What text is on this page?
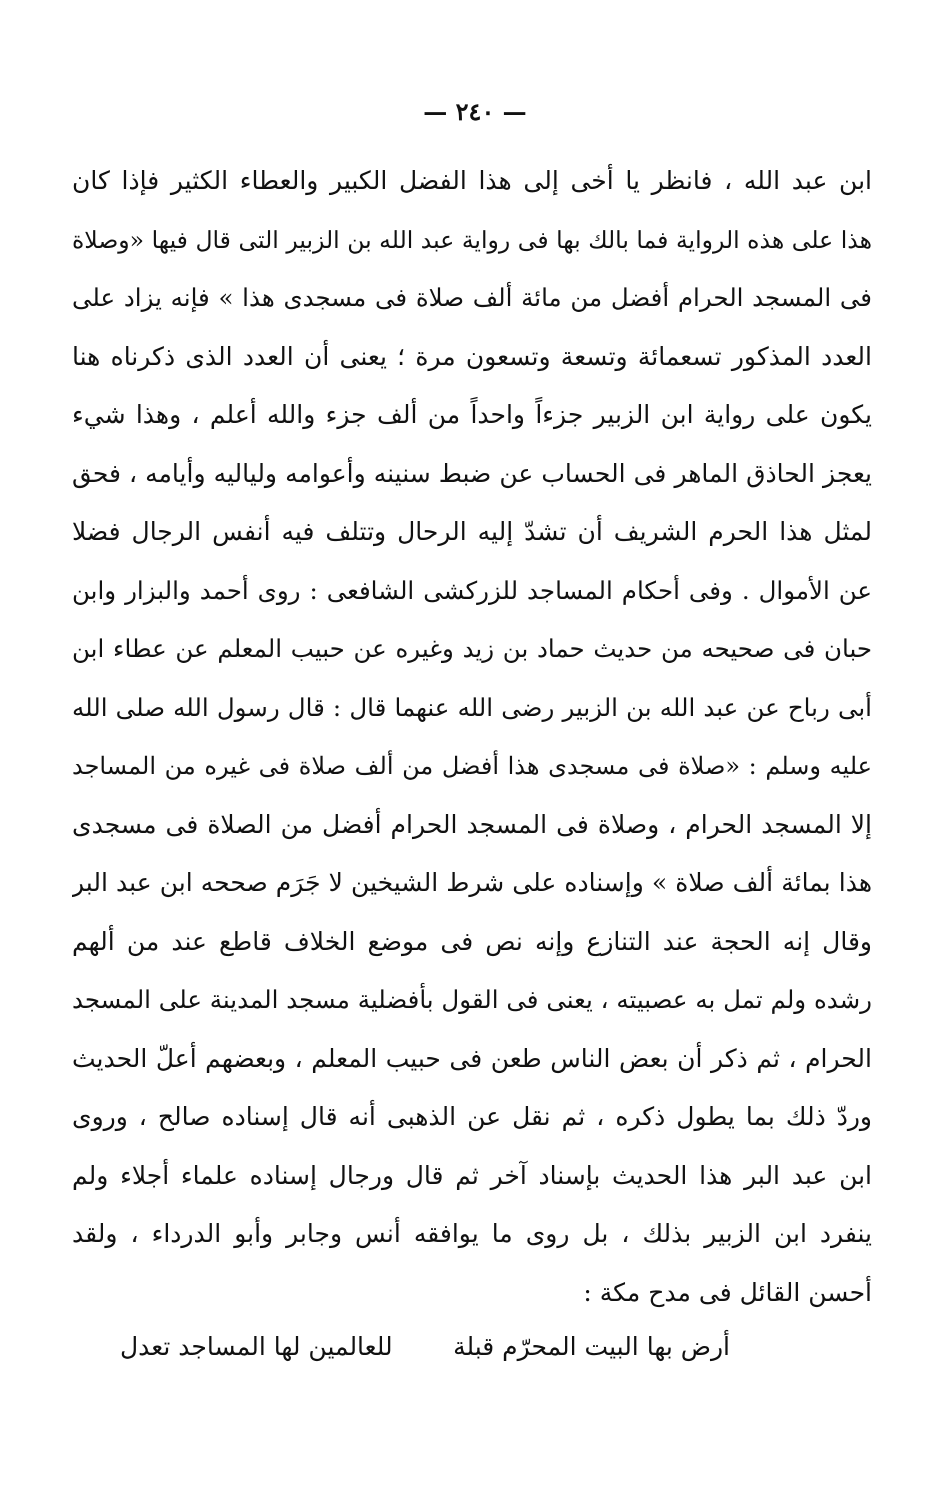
— ٢٤٠ —
ابن عبد الله ، فانظر يا أخى إلى هذا الفضل الكبير والعطاء الكثير فإذا كان
هذا على هذه الرواية فما بالك بها فى رواية عبد الله بن الزبير التى قال فيها «وصلاة
فى المسجد الحرام أفضل من مائة ألف صلاة فى مسجدى هذا » فإنه يزاد على
العدد المذكور تسعمائة وتسعة وتسعون مرة ؛ يعنى أن العدد الذى ذكرناه هنا
يكون على رواية ابن الزبير جزءاً واحداً من ألف جزء والله أعلم ، وهذا شيء
يعجز الحاذق الماهر فى الحساب عن ضبط سنينه وأعوامه ولياليه وأيامه ، فحق
لمثل هذا الحرم الشريف أن تشدّ إليه الرحال وتتلف فيه أنفس الرجال فضلا
عن الأموال . وفى أحكام المساجد للزركشى الشافعى : روى أحمد والبزار وابن
حبان فى صحيحه من حديث حماد بن زيد وغيره عن حبيب المعلم عن عطاء ابن
أبى رباح عن عبد الله بن الزبير رضى الله عنهما قال : قال رسول الله صلى الله
عليه وسلم : «صلاة فى مسجدى هذا أفضل من ألف صلاة فى غيره من المساجد
إلا المسجد الحرام ، وصلاة فى المسجد الحرام أفضل من الصلاة فى مسجدى
هذا بمائة ألف صلاة » وإسناده على شرط الشيخين لا جَرَم صححه ابن عبد البر
وقال إنه الحجة عند التنازع وإنه نص فى موضع الخلاف قاطع عند من ألهم
رشده ولم تمل به عصبيته ، يعنى فى القول بأفضلية مسجد المدينة على المسجد
الحرام ، ثم ذكر أن بعض الناس طعن فى حبيب المعلم ، وبعضهم أعلّ الحديث
وردّ ذلك بما يطول ذكره ، ثم نقل عن الذهبى أنه قال إسناده صالح ، وروى
ابن عبد البر هذا الحديث بإسناد آخر ثم قال ورجال إسناده علماء أجلاء ولم
ينفرد ابن الزبير بذلك ، بل روى ما يوافقه أنس وجابر وأبو الدرداء ، ولقد
أحسن القائل فى مدح مكة :
أرض بها البيت المحرّم قبلة
للعالمين لها المساجد تعدل
